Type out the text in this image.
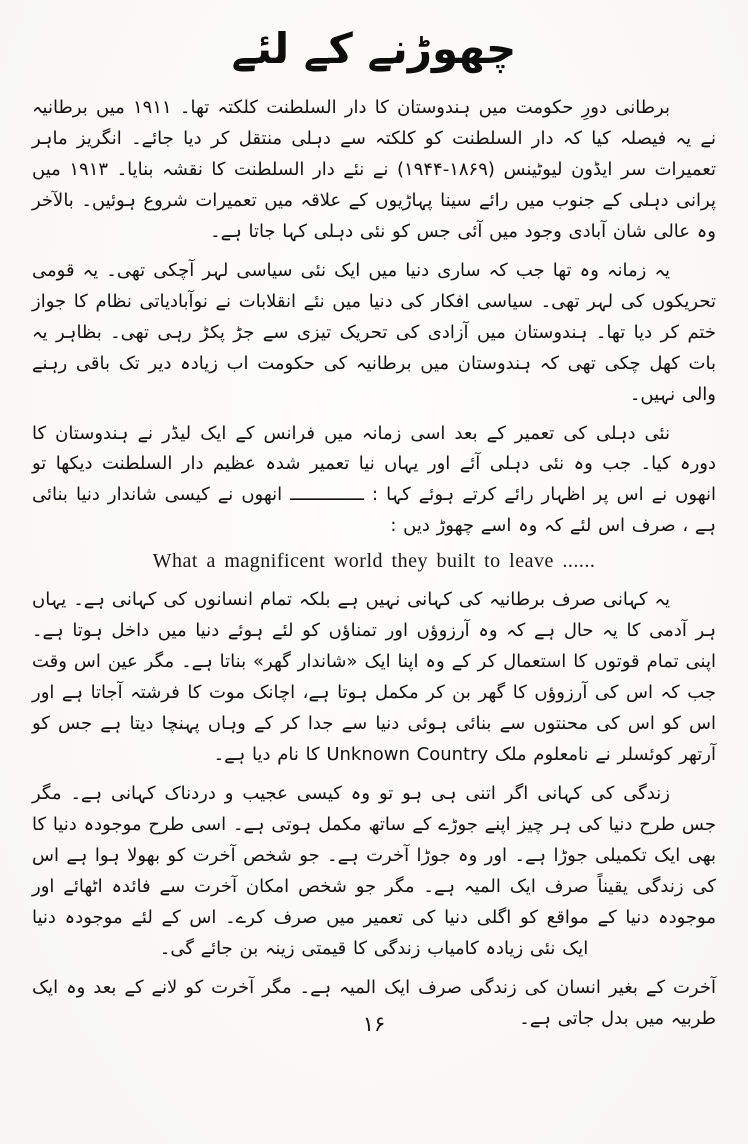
چھوڑنے کے لئے

برطانی دورِ حکومت میں ہندوستان کا دار السلطنت کلکتہ تھا۔ ۱۹۱۱ میں برطانیہ نے یہ فیصلہ کیا کہ دار السلطنت کو کلکتہ سے دہلی منتقل کر دیا جائے۔ انگریز ماہر تعمیرات سر ایڈون لیوٹینس (۱۸۶۹-۱۹۴۴) نے نئے دار السلطنت کا نقشہ بنایا۔ ۱۹۱۳ میں پرانی دہلی کے جنوب میں رائے سینا پہاڑیوں کے علاقہ میں تعمیرات شروع ہوئیں۔ بالآخر وہ عالی شان آبادی وجود میں آئی جس کو نئی دہلی کہا جاتا ہے۔

یہ زمانہ وہ تھا جب کہ ساری دنیا میں ایک نئی سیاسی لہر آچکی تھی۔ یہ قومی تحریکوں کی لہر تھی۔ سیاسی افکار کی دنیا میں نئے انقلابات نے نوآبادیاتی نظام کا جواز ختم کر دیا تھا۔ ہندوستان میں آزادی کی تحریک تیزی سے جڑ پکڑ رہی تھی۔ بظاہر یہ بات کھل چکی تھی کہ ہندوستان میں برطانیہ کی حکومت اب زیادہ دیر تک باقی رہنے والی نہیں۔

نئی دہلی کی تعمیر کے بعد اسی زمانہ میں فرانس کے ایک لیڈر نے ہندوستان کا دورہ کیا۔ جب وہ نئی دہلی آئے اور یہاں نیا تعمیر شدہ عظیم دار السلطنت دیکھا تو انھوں نے اس پر اظہار رائے کرتے ہوئے کہا : ــــــــــــــ انھوں نے کیسی شاندار دنیا بنائی ہے ، صرف اس لئے کہ وہ اسے چھوڑ دیں :

What a magnificent world they built to leave ......

یہ کہانی صرف برطانیہ کی کہانی نہیں ہے بلکہ تمام انسانوں کی کہانی ہے۔ یہاں ہر آدمی کا یہ حال ہے کہ وہ آرزوؤں اور تمناؤں کو لئے ہوئے دنیا میں داخل ہوتا ہے۔ اپنی تمام قوتوں کا استعمال کر کے وہ اپنا ایک «شاندار گھر» بناتا ہے۔ مگر عین اس وقت جب کہ اس کی آرزوؤں کا گھر بن کر مکمل ہوتا ہے، اچانک موت کا فرشتہ آجاتا ہے اور اس کو اس کی محنتوں سے بنائی ہوئی دنیا سے جدا کر کے وہاں پہنچا دیتا ہے جس کو آرتھر کوئسلر نے نامعلوم ملک Unknown Country کا نام دیا ہے۔

زندگی کی کہانی اگر اتنی ہی ہو تو وہ کیسی عجیب و دردناک کہانی ہے۔ مگر جس طرح دنیا کی ہر چیز اپنے جوڑے کے ساتھ مکمل ہوتی ہے۔ اسی طرح موجودہ دنیا کا بھی ایک تکمیلی جوڑا ہے۔ اور وہ جوڑا آخرت ہے۔ جو شخص آخرت کو بھولا ہوا ہے اس کی زندگی یقیناً صرف ایک المیہ ہے۔ مگر جو شخص امکان آخرت سے فائدہ اٹھائے اور موجودہ دنیا کے مواقع کو اگلی دنیا کی تعمیر میں صرف کرے۔ اس کے لئے موجودہ دنیا ایک نئی زیادہ کامیاب زندگی کا قیمتی زینہ بن جائے گی۔

آخرت کے بغیر انسان کی زندگی صرف ایک المیہ ہے۔ مگر آخرت کو لانے کے بعد وہ ایک طربیہ میں بدل جاتی ہے۔

۱۶
